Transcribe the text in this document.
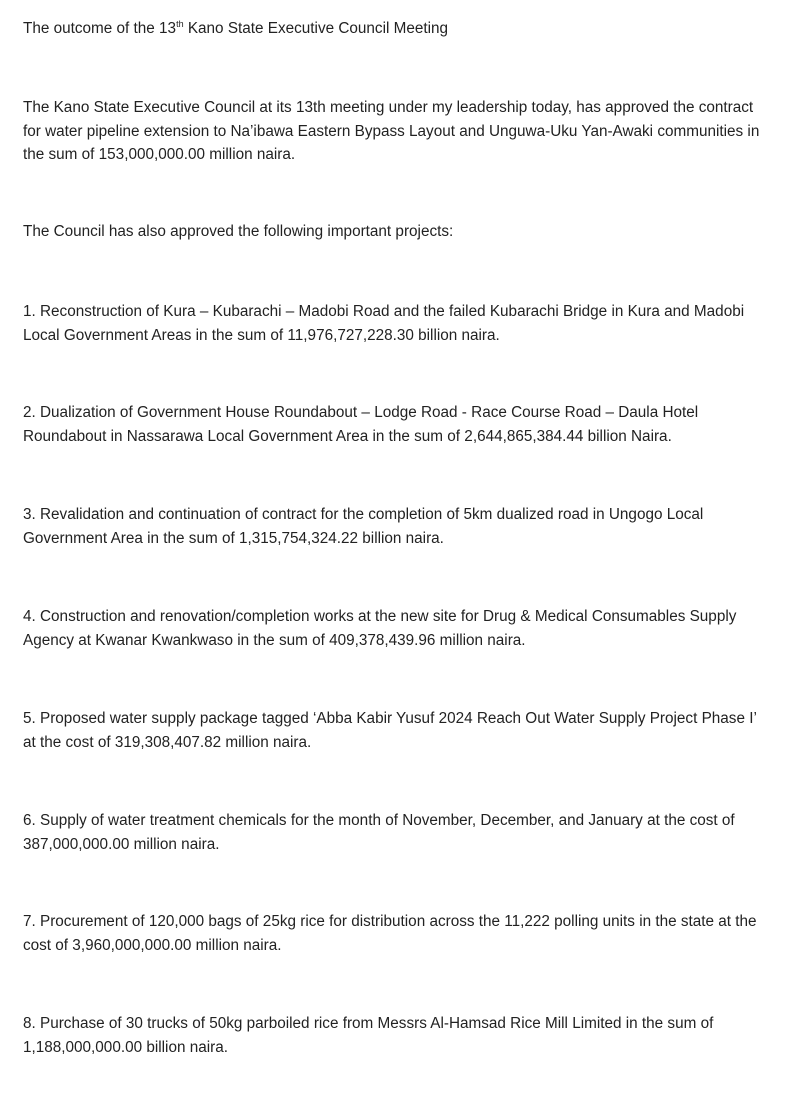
The outcome of the 13th Kano State Executive Council Meeting

The Kano State Executive Council at its 13th meeting under my leadership today, has approved the contract for water pipeline extension to Na’ibawa Eastern Bypass Layout and Unguwa-Uku Yan-Awaki communities in the sum of 153,000,000.00 million naira.

The Council has also approved the following important projects:

1. Reconstruction of Kura – Kubarachi – Madobi Road and the failed Kubarachi Bridge in Kura and Madobi Local Government Areas in the sum of 11,976,727,228.30 billion naira.

2. Dualization of Government House Roundabout – Lodge Road - Race Course Road – Daula Hotel Roundabout in Nassarawa Local Government Area in the sum of 2,644,865,384.44 billion Naira.

3. Revalidation and continuation of contract for the completion of 5km dualized road in Ungogo Local Government Area in the sum of 1,315,754,324.22 billion naira.

4. Construction and renovation/completion works at the new site for Drug & Medical Consumables Supply Agency at Kwanar Kwankwaso in the sum of 409,378,439.96 million naira.

5. Proposed water supply package tagged ‘Abba Kabir Yusuf 2024 Reach Out Water Supply Project Phase I’ at the cost of 319,308,407.82 million naira.

6. Supply of water treatment chemicals for the month of November, December, and January at the cost of 387,000,000.00 million naira.

7. Procurement of 120,000 bags of 25kg rice for distribution across the 11,222 polling units in the state at the cost of 3,960,000,000.00 million naira.

8. Purchase of 30 trucks of 50kg parboiled rice from Messrs Al-Hamsad Rice Mill Limited in the sum of 1,188,000,000.00 billion naira.
